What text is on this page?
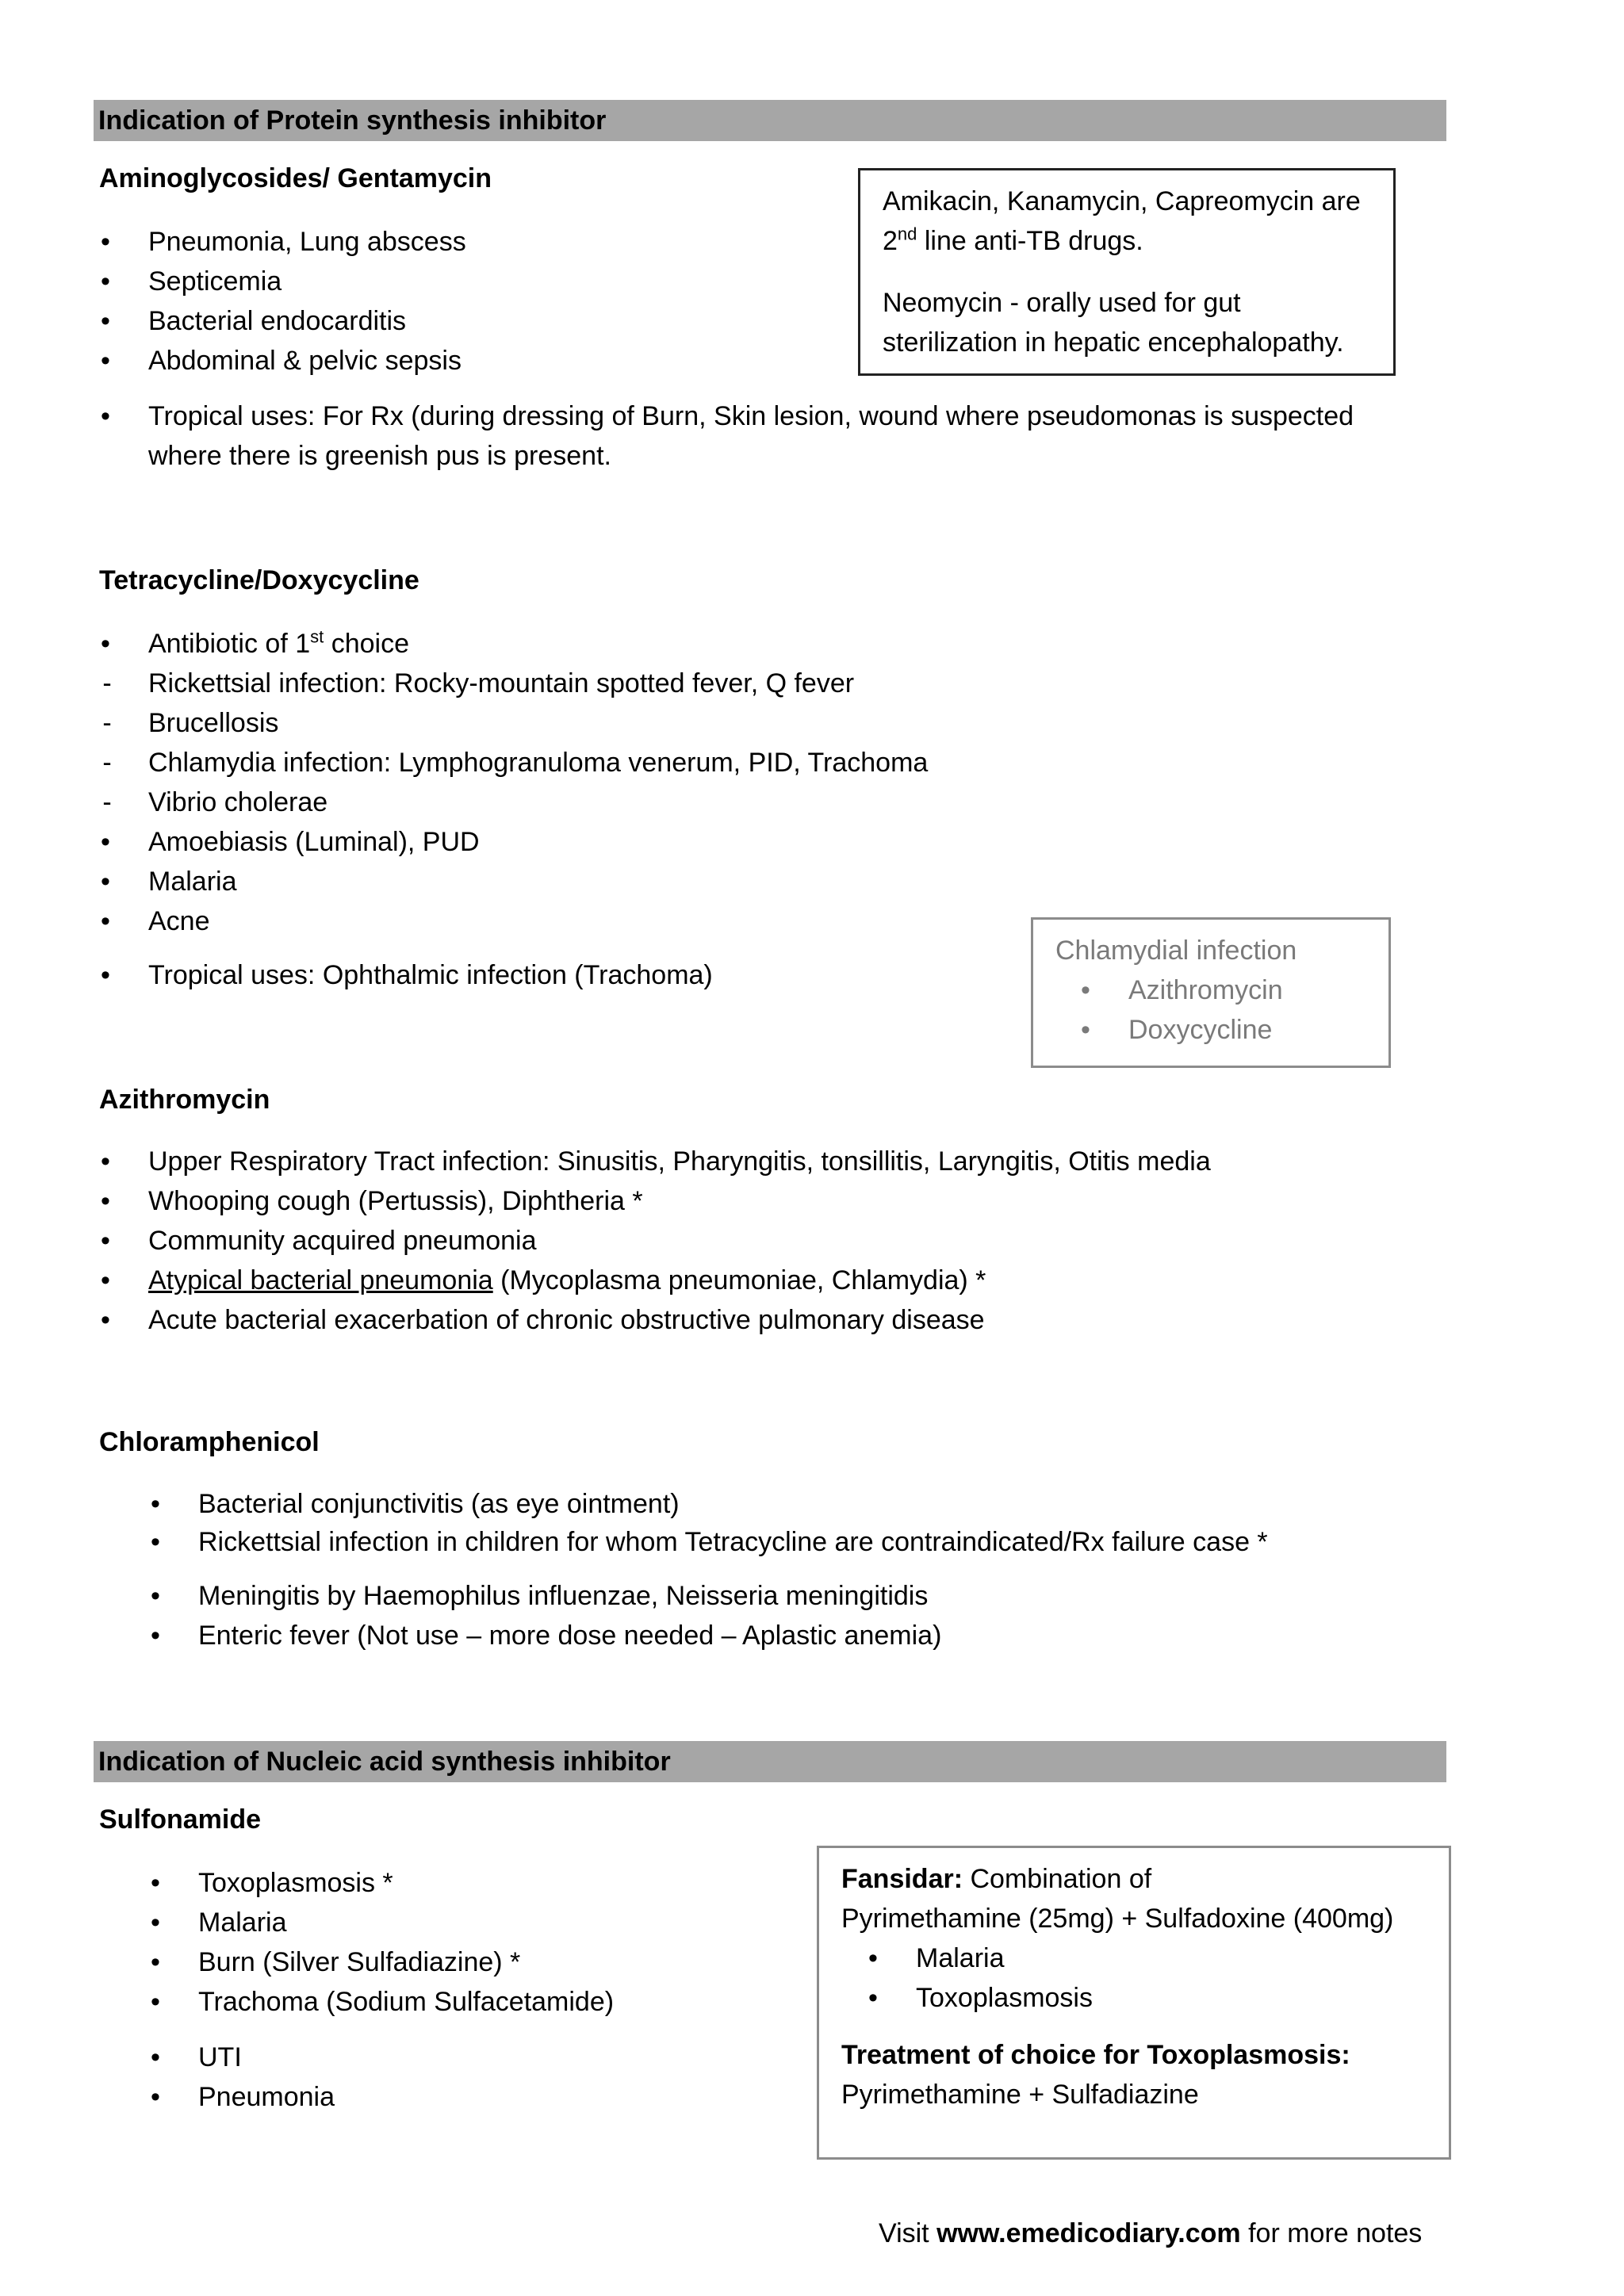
Indication of Protein synthesis inhibitor
Aminoglycosides/ Gentamycin
• Pneumonia, Lung abscess
• Septicemia
• Bacterial endocarditis
• Abdominal & pelvic sepsis
• Tropical uses: For Rx (during dressing of Burn, Skin lesion, wound where pseudomonas is suspected
where there is greenish pus is present.

Amikacin, Kanamycin, Capreomycin are

2nd line anti-TB drugs.

Neomycin - orally used for gut

sterilization in hepatic encephalopathy.

Tetracycline/Doxycycline
• Antibiotic of 1st choice
- Rickettsial infection: Rocky-mountain spotted fever, Q fever
- Brucellosis
- Chlamydia infection: Lymphogranuloma venerum, PID, Trachoma
- Vibrio cholerae
• Amoebiasis (Luminal), PUD
• Malaria
• Acne
• Tropical uses: Ophthalmic infection (Trachoma)

Chlamydial infection

• Azithromycin
• Doxycycline
Azithromycin
• Upper Respiratory Tract infection: Sinusitis, Pharyngitis, tonsillitis, Laryngitis, Otitis media
• Whooping cough (Pertussis), Diphtheria *
• Community acquired pneumonia
• Atypical bacterial pneumonia (Mycoplasma pneumoniae, Chlamydia) *
• Acute bacterial exacerbation of chronic obstructive pulmonary disease
Chloramphenicol
• Bacterial conjunctivitis (as eye ointment)
• Rickettsial infection in children for whom Tetracycline are contraindicated/Rx failure case *
• Meningitis by Haemophilus influenzae, Neisseria meningitidis
• Enteric fever (Not use – more dose needed – Aplastic anemia)
Indication of Nucleic acid synthesis inhibitor
Sulfonamide
• Toxoplasmosis *
• Malaria
• Burn (Silver Sulfadiazine) *
• Trachoma (Sodium Sulfacetamide)
• UTI
• Pneumonia

Fansidar: Combination of

Pyrimethamine (25mg) + Sulfadoxine (400mg)

• Malaria
• Toxoplasmosis

Treatment of choice for Toxoplasmosis:

Pyrimethamine + Sulfadiazine

Visit www.emedicodiary.com for more notes
